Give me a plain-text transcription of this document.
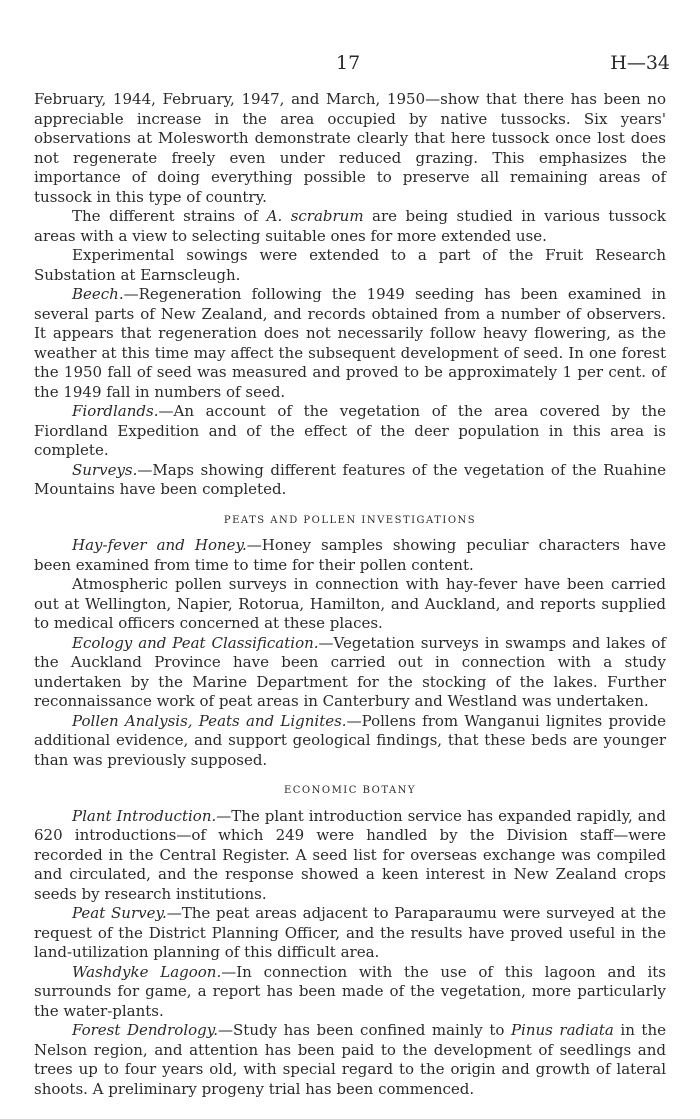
17	H—34

February, 1944, February, 1947, and March, 1950—show that there has been no appreciable increase in the area occupied by native tussocks. Six years' observations at Molesworth demonstrate clearly that here tussock once lost does not regenerate freely even under reduced grazing. This emphasizes the importance of doing everything possible to preserve all remaining areas of tussock in this type of country.

The different strains of A. scrabrum are being studied in various tussock areas with a view to selecting suitable ones for more extended use.

Experimental sowings were extended to a part of the Fruit Research Substation at Earnscleugh.

Beech.—Regeneration following the 1949 seeding has been examined in several parts of New Zealand, and records obtained from a number of observers. It appears that regeneration does not necessarily follow heavy flowering, as the weather at this time may affect the subsequent development of seed. In one forest the 1950 fall of seed was measured and proved to be approximately 1 per cent. of the 1949 fall in numbers of seed.

Fiordlands.—An account of the vegetation of the area covered by the Fiordland Expedition and of the effect of the deer population in this area is complete.

Surveys.—Maps showing different features of the vegetation of the Ruahine Mountains have been completed.

PEATS AND POLLEN INVESTIGATIONS

Hay-fever and Honey.—Honey samples showing peculiar characters have been examined from time to time for their pollen content.

Atmospheric pollen surveys in connection with hay-fever have been carried out at Wellington, Napier, Rotorua, Hamilton, and Auckland, and reports supplied to medical officers concerned at these places.

Ecology and Peat Classification.—Vegetation surveys in swamps and lakes of the Auckland Province have been carried out in connection with a study undertaken by the Marine Department for the stocking of the lakes. Further reconnaissance work of peat areas in Canterbury and Westland was undertaken.

Pollen Analysis, Peats and Lignites.—Pollens from Wanganui lignites provide additional evidence, and support geological findings, that these beds are younger than was previously supposed.

ECONOMIC BOTANY

Plant Introduction.—The plant introduction service has expanded rapidly, and 620 introductions—of which 249 were handled by the Division staff—were recorded in the Central Register. A seed list for overseas exchange was compiled and circulated, and the response showed a keen interest in New Zealand crops seeds by research institutions.

Peat Survey.—The peat areas adjacent to Paraparaumu were surveyed at the request of the District Planning Officer, and the results have proved useful in the land-utilization planning of this difficult area.

Washdyke Lagoon.—In connection with the use of this lagoon and its surrounds for game, a report has been made of the vegetation, more particularly the water-plants.

Forest Dendrology.—Study has been confined mainly to Pinus radiata in the Nelson region, and attention has been paid to the development of seedlings and trees up to four years old, with special regard to the origin and growth of lateral shoots. A preliminary progeny trial has been commenced.
